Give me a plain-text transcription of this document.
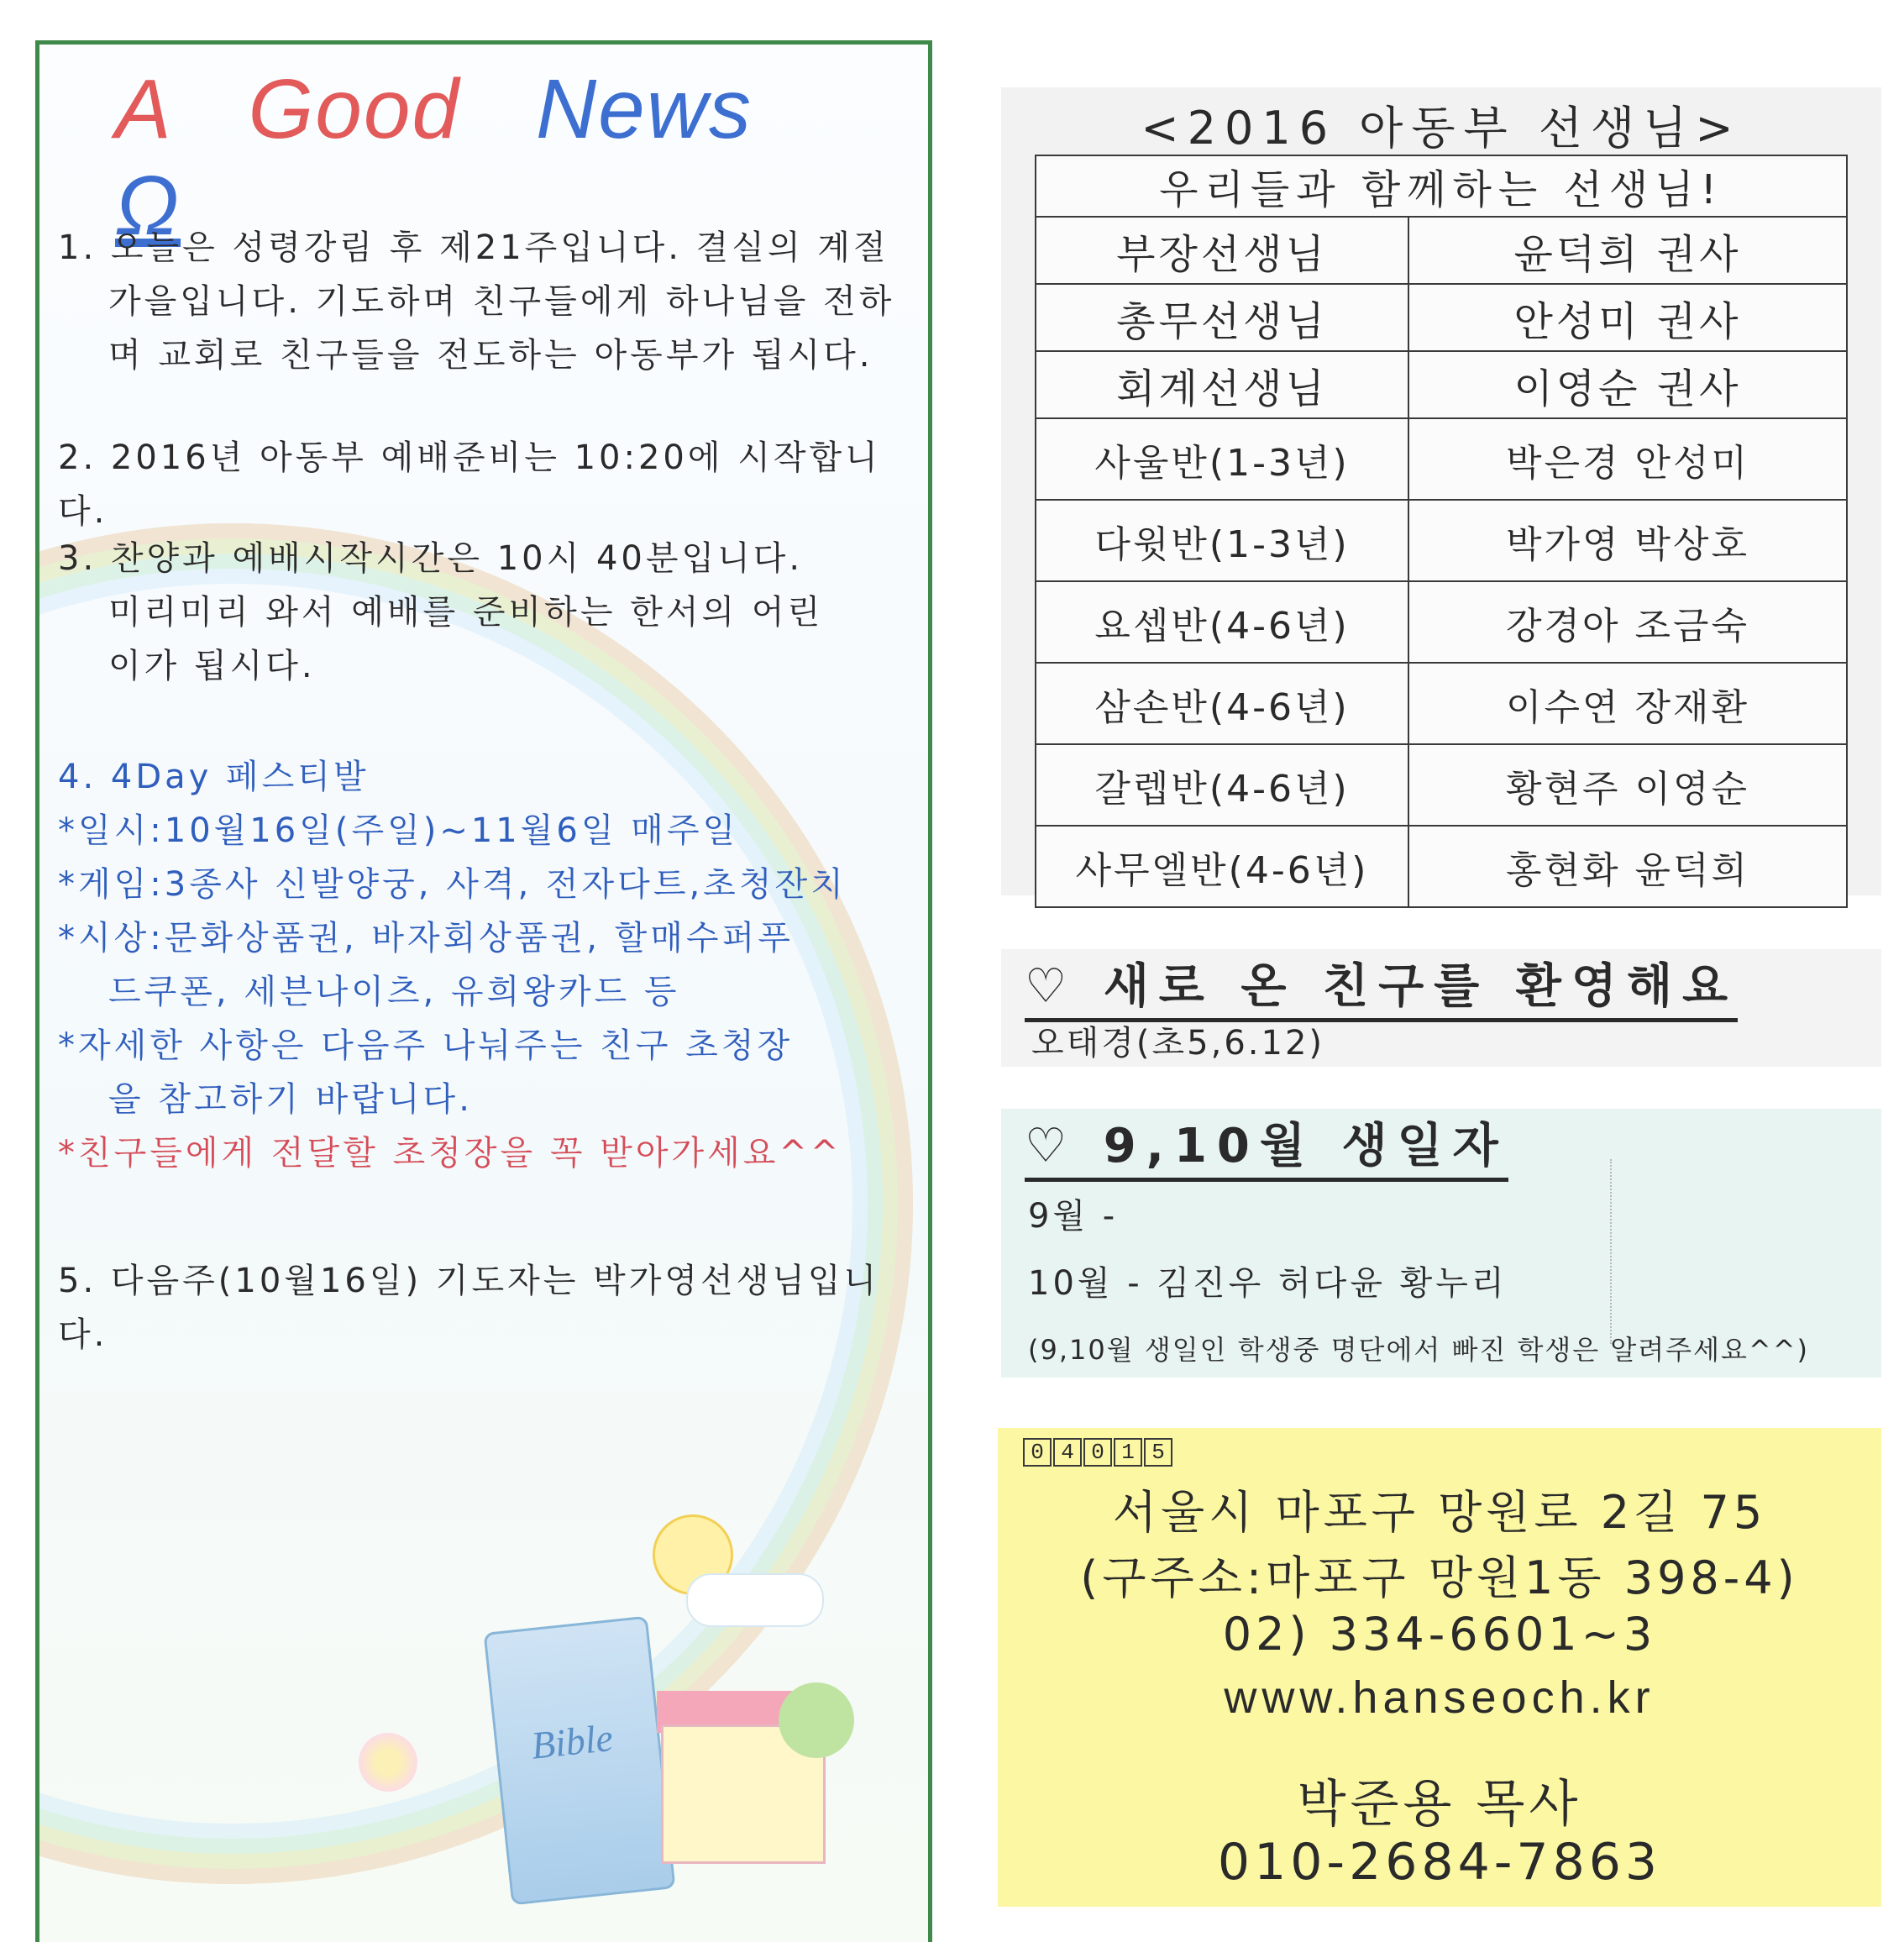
A Good News Ω
1. 오늘은 성령강림 후 제21주입니다. 결실의 계절
가을입니다. 기도하며 친구들에게 하나님을 전하
며 교회로 친구들을 전도하는 아동부가 됩시다.
2. 2016년 아동부 예배준비는 10:20에 시작합니다.
3. 찬양과 예배시작시간은 10시 40분입니다.
미리미리 와서 예배를 준비하는 한서의 어린
이가 됩시다.
4. 4Day 페스티발
*일시:10월16일(주일)~11월6일 매주일
*게임:3종사 신발양궁, 사격, 전자다트,초청잔치
*시상:문화상품권, 바자회상품권, 할매수퍼푸
드쿠폰, 세븐나이츠, 유희왕카드 등
*자세한 사항은 다음주 나눠주는 친구 초청장
을 참고하기 바랍니다.
*친구들에게 전달할 초청장을 꼭 받아가세요^^
5. 다음주(10월16일) 기도자는 박가영선생님입니다.
Bible
<2016 아동부 선생님>
우리들과 함께하는 선생님!	
부장선생님	윤덕희 권사
총무선생님	안성미 권사
회계선생님	이영순 권사
사울반(1-3년)	박은경 안성미
다윗반(1-3년)	박가영 박상호
요셉반(4-6년)	강경아 조금숙
삼손반(4-6년)	이수연 장재환
갈렙반(4-6년)	황현주 이영순
사무엘반(4-6년)	홍현화 윤덕희
♡ 새로 온 친구를 환영해요
오태경(초5,6.12)
♡ 9,10월 생일자
9월 -
10월 - 김진우 허다윤 황누리
(9,10월 생일인 학생중 명단에서 빠진 학생은 알려주세요^^)
0 4 0 1 5
서울시 마포구 망원로 2길 75
(구주소:마포구 망원1동 398-4)
02) 334-6601~3
www.hanseoch.kr
박준용 목사
010-2684-7863
